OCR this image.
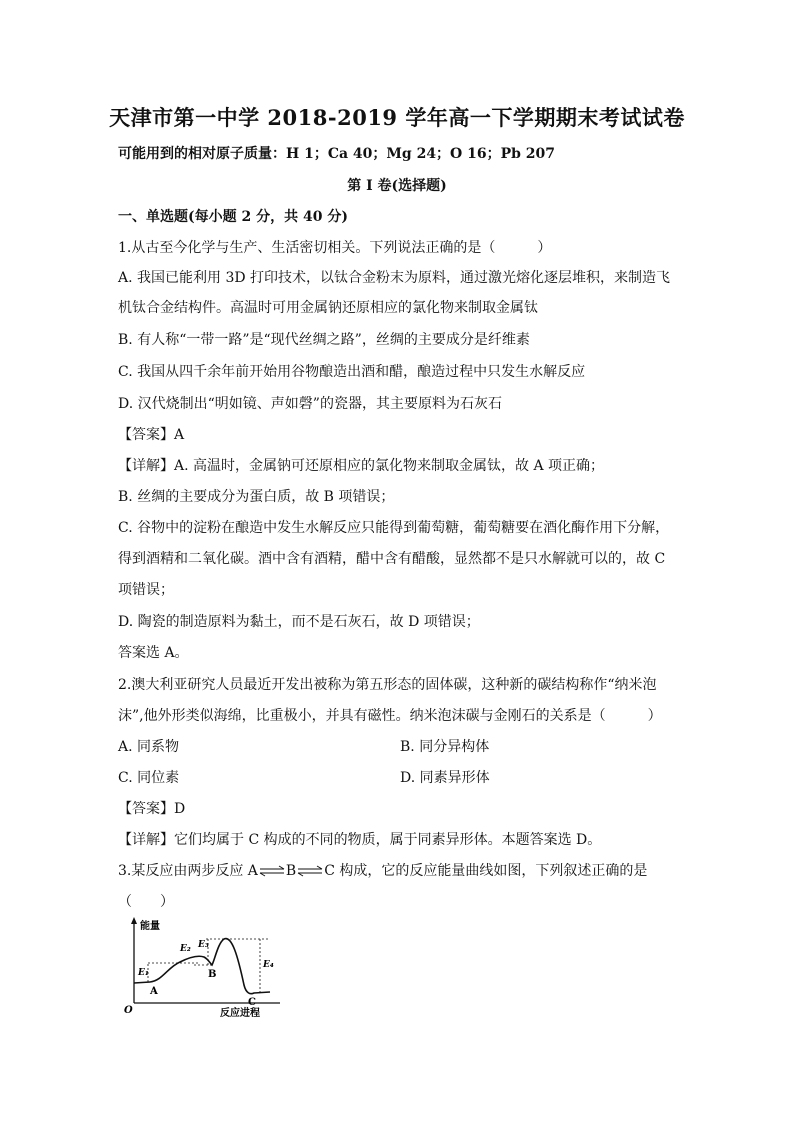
天津市第一中学 2018-2019 学年高一下学期期末考试试卷
可能用到的相对原子质量：H 1；Ca 40；Mg 24；O 16；Pb 207
第 Ⅰ 卷(选择题)
一、单选题(每小题 2 分，共 40 分)
1.从古至今化学与生产、生活密切相关。下列说法正确的是（　　　）
A. 我国已能利用 3D 打印技术，以钛合金粉末为原料，通过激光熔化逐层堆积，来制造飞
机钛合金结构件。高温时可用金属钠还原相应的氯化物来制取金属钛
B. 有人称“一带一路”是“现代丝绸之路”，丝绸的主要成分是纤维素
C. 我国从四千余年前开始用谷物酿造出酒和醋，酿造过程中只发生水解反应
D. 汉代烧制出“明如镜、声如磬”的瓷器，其主要原料为石灰石
【答案】A
【详解】A. 高温时，金属钠可还原相应的氯化物来制取金属钛，故 A 项正确；
B. 丝绸的主要成分为蛋白质，故 B 项错误；
C. 谷物中的淀粉在酿造中发生水解反应只能得到葡萄糖，葡萄糖要在酒化酶作用下分解，
得到酒精和二氧化碳。酒中含有酒精，醋中含有醋酸，显然都不是只水解就可以的，故 C
项错误；
D. 陶瓷的制造原料为黏土，而不是石灰石，故 D 项错误；
答案选 A。
2.澳大利亚研究人员最近开发出被称为第五形态的固体碳，这种新的碳结构称作“纳米泡
沫”,他外形类似海绵，比重极小，并具有磁性。纳米泡沫碳与金刚石的关系是（　　　）
A. 同系物	B. 同分异构体
C. 同位素	D. 同素异形体
【答案】D
【详解】它们均属于 C 构成的不同的物质，属于同素异形体。本题答案选 D。
3.某反应由两步反应 A⇌B⇌C 构成，它的反应能量曲线如图，下列叙述正确的是
（　　）
能量
反应进程
O
E₁
E₂ E₃
E₄
A
B
C
